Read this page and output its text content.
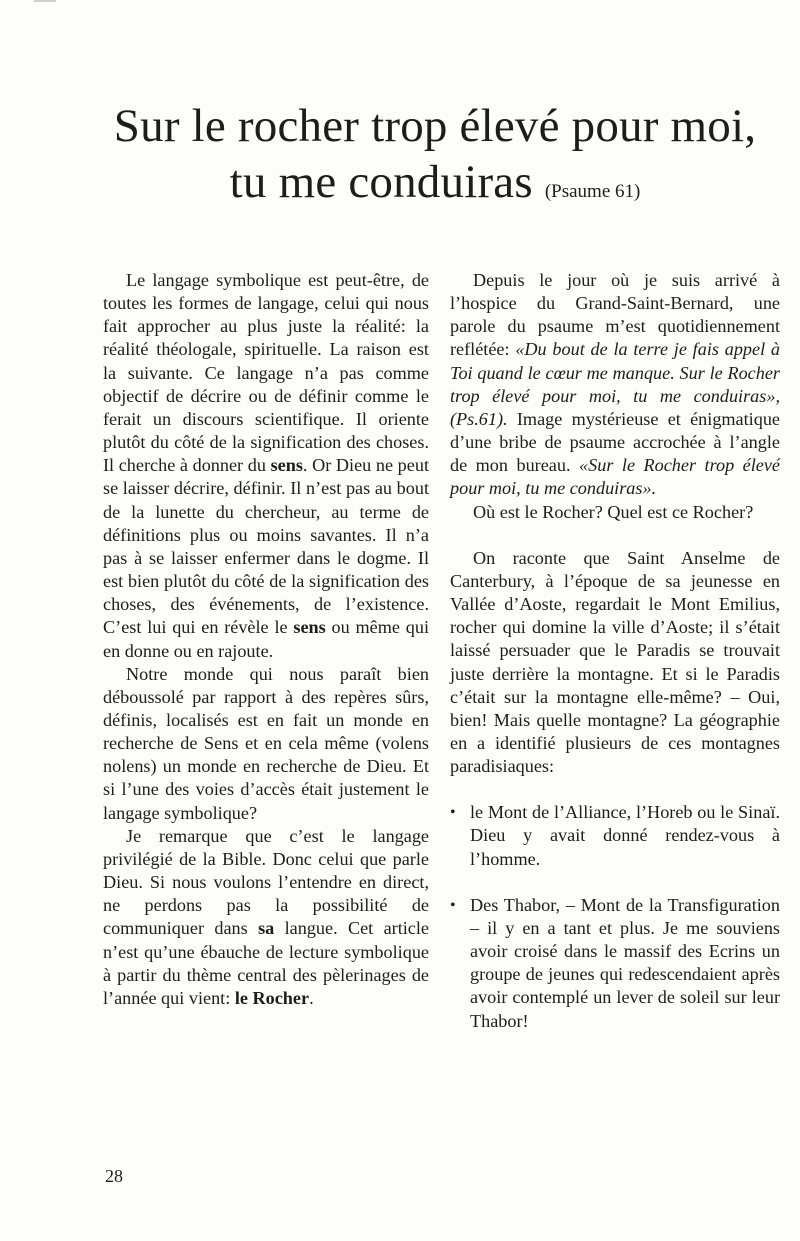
Sur le rocher trop élevé pour moi,
tu me conduiras (Psaume 61)

Le langage symbolique est peut-être, de toutes les formes de langage, celui qui nous fait approcher au plus juste la réalité: la réalité théologale, spirituelle. La raison est la suivante. Ce langage n’a pas comme objectif de décrire ou de définir comme le ferait un discours scientifique. Il oriente plutôt du côté de la signification des choses. Il cherche à donner du sens. Or Dieu ne peut se laisser décrire, définir. Il n’est pas au bout de la lunette du chercheur, au terme de définitions plus ou moins savantes. Il n’a pas à se laisser enfermer dans le dogme. Il est bien plutôt du côté de la signification des choses, des événements, de l’existence. C’est lui qui en révèle le sens ou même qui en donne ou en rajoute.

Notre monde qui nous paraît bien déboussolé par rapport à des repères sûrs, définis, localisés est en fait un monde en recherche de Sens et en cela même (volens nolens) un monde en recherche de Dieu. Et si l’une des voies d’accès était justement le langage symbolique?

Je remarque que c’est le langage privilégié de la Bible. Donc celui que parle Dieu. Si nous voulons l’entendre en direct, ne perdons pas la possibilité de communiquer dans sa langue. Cet article n’est qu’une ébauche de lecture symbolique à partir du thème central des pèlerinages de l’année qui vient: le Rocher.

Depuis le jour où je suis arrivé à l’hospice du Grand-Saint-Bernard, une parole du psaume m’est quotidiennement reflétée: «Du bout de la terre je fais appel à Toi quand le cœur me manque. Sur le Rocher trop élevé pour moi, tu me conduiras», (Ps.61). Image mystérieuse et énigmatique d’une bribe de psaume accrochée à l’angle de mon bureau. «Sur le Rocher trop élevé pour moi, tu me conduiras».

Où est le Rocher? Quel est ce Rocher?

On raconte que Saint Anselme de Canterbury, à l’époque de sa jeunesse en Vallée d’Aoste, regardait le Mont Emilius, rocher qui domine la ville d’Aoste; il s’était laissé persuader que le Paradis se trouvait juste derrière la montagne. Et si le Paradis c’était sur la montagne elle-même? – Oui, bien! Mais quelle montagne? La géographie en a identifié plusieurs de ces montagnes paradisiaques:

• le Mont de l’Alliance, l’Horeb ou le Sinaï. Dieu y avait donné rendez-vous à l’homme.
• Des Thabor, – Mont de la Transfiguration – il y en a tant et plus. Je me souviens avoir croisé dans le massif des Ecrins un groupe de jeunes qui redescendaient après avoir contemplé un lever de soleil sur leur Thabor!
28
